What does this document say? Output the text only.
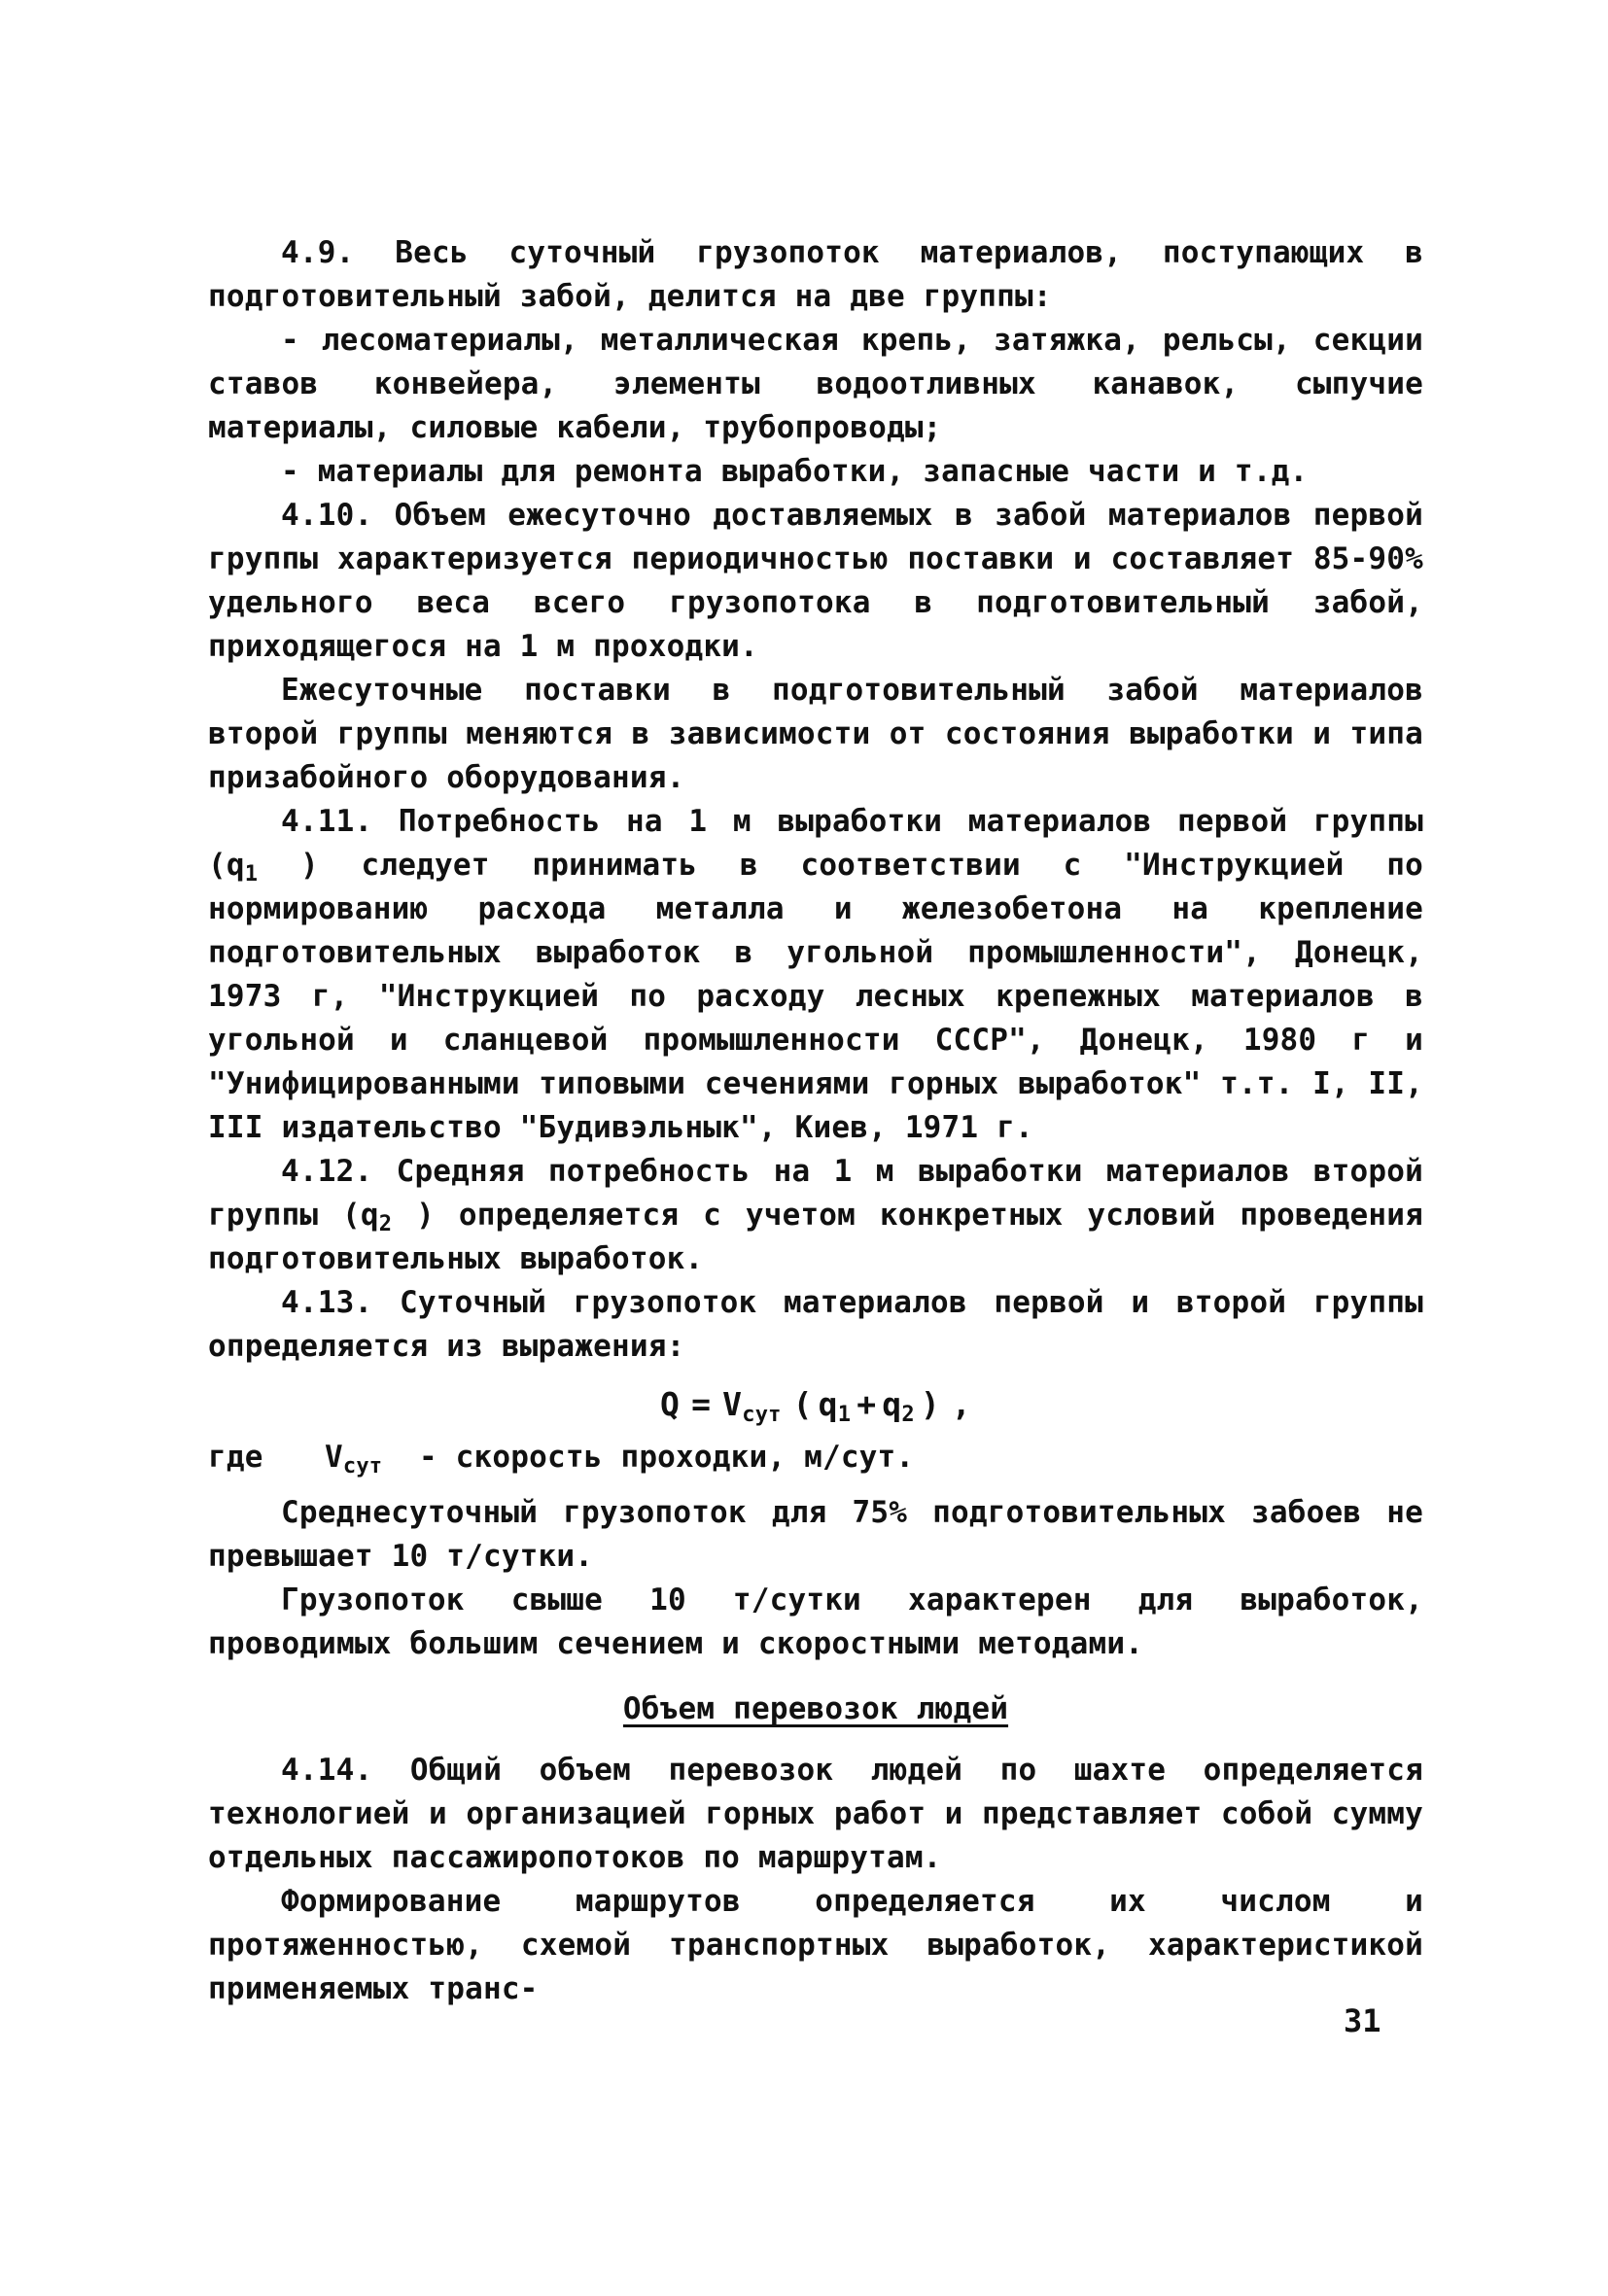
4.9. Весь суточный грузопоток материалов, поступающих в подготовительный забой, делится на две группы:

- лесоматериалы, металлическая крепь, затяжка, рельсы, секции ставов конвейера, элементы водоотливных канавок, сыпучие материалы, силовые кабели, трубопроводы;

- материалы для ремонта выработки, запасные части и т.д.

4.10. Объем ежесуточно доставляемых в забой материалов первой группы характеризуется периодичностью поставки и составляет 85-90% удельного веса всего грузопотока в подготовительный забой, приходящегося на 1 м проходки.

Ежесуточные поставки в подготовительный забой материалов второй группы меняются в зависимости от состояния выработки и типа призабойного оборудования.

4.11. Потребность на 1 м выработки материалов первой группы ($q_1$ ) следует принимать в соответствии с "Инструкцией по нормированию расхода металла и железобетона на крепление подготовительных выработок в угольной промышленности", Донецк, 1973 г, "Инструкцией по расходу лесных крепежных материалов в угольной и сланцевой промышленности СССР", Донецк, 1980 г и "Унифицированными типовыми сечениями горных выработок" т.т. I, II, III издательство "Будивэльнык", Киев, 1971 г.

4.12. Средняя потребность на 1 м выработки материалов второй группы ($q_2$ ) определяется с учетом конкретных условий проведения подготовительных выработок.

4.13. Суточный грузопоток материалов первой и второй группы определяется из выражения:

$Q = V_{сут}$ ( $q_1 + q_2$ ) ,
где $V_{сут}$ - скорость проходки, м/сут.

Среднесуточный грузопоток для 75% подготовительных забоев не превышает 10 т/сутки.

Грузопоток свыше 10 т/сутки характерен для выработок, проводимых большим сечением и скоростными методами.

Объем перевозок людей

4.14. Общий объем перевозок людей по шахте определяется технологией и организацией горных работ и представляет собой сумму отдельных пассажиропотоков по маршрутам.

Формирование маршрутов определяется их числом и протяженностью, схемой транспортных выработок, характеристикой применяемых транс-

31
